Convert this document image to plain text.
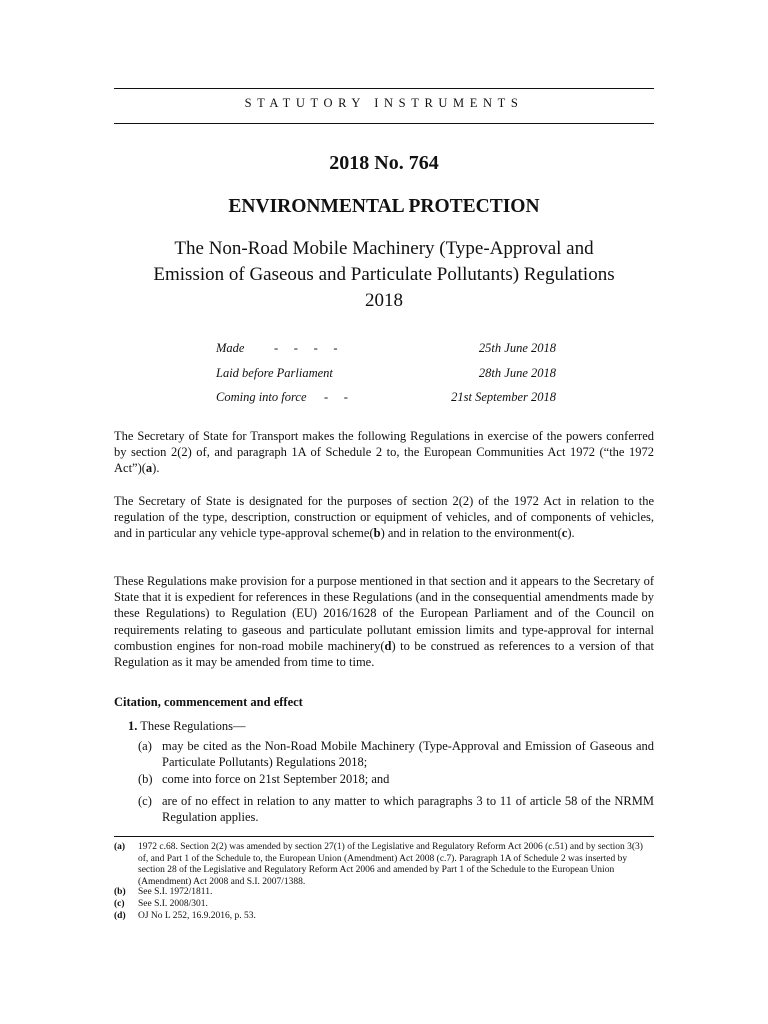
STATUTORY INSTRUMENTS
2018 No. 764
ENVIRONMENTAL PROTECTION
The Non-Road Mobile Machinery (Type-Approval and
Emission of Gaseous and Particulate Pollutants) Regulations
2018
Made -     -     -     -	25th June 2018
Laid before Parliament	28th June 2018
Coming into force -     -	21st September 2018

The Secretary of State for Transport makes the following Regulations in exercise of the powers conferred by section 2(2) of, and paragraph 1A of Schedule 2 to, the European Communities Act 1972 (“the 1972 Act”)(a).

The Secretary of State is designated for the purposes of section 2(2) of the 1972 Act in relation to the regulation of the type, description, construction or equipment of vehicles, and of components of vehicles, and in particular any vehicle type-approval scheme(b) and in relation to the environment(c).

These Regulations make provision for a purpose mentioned in that section and it appears to the Secretary of State that it is expedient for references in these Regulations (and in the consequential amendments made by these Regulations) to Regulation (EU) 2016/1628 of the European Parliament and of the Council on requirements relating to gaseous and particulate pollutant emission limits and type-approval for internal combustion engines for non-road mobile machinery(d) to be construed as references to a version of that Regulation as it may be amended from time to time.

Citation, commencement and effect
1. These Regulations—
(a) may be cited as the Non-Road Mobile Machinery (Type-Approval and Emission of Gaseous and Particulate Pollutants) Regulations 2018;
(b) come into force on 21st September 2018; and
(c) are of no effect in relation to any matter to which paragraphs 3 to 11 of article 58 of the NRMM Regulation applies.
(a) 1972 c.68. Section 2(2) was amended by section 27(1) of the Legislative and Regulatory Reform Act 2006 (c.51) and by section 3(3) of, and Part 1 of the Schedule to, the European Union (Amendment) Act 2008 (c.7). Paragraph 1A of Schedule 2 was inserted by section 28 of the Legislative and Regulatory Reform Act 2006 and amended by Part 1 of the Schedule to the European Union (Amendment) Act 2008 and S.I. 2007/1388.
(b) See S.I. 1972/1811.
(c) See S.I. 2008/301.
(d) OJ No L 252, 16.9.2016, p. 53.
